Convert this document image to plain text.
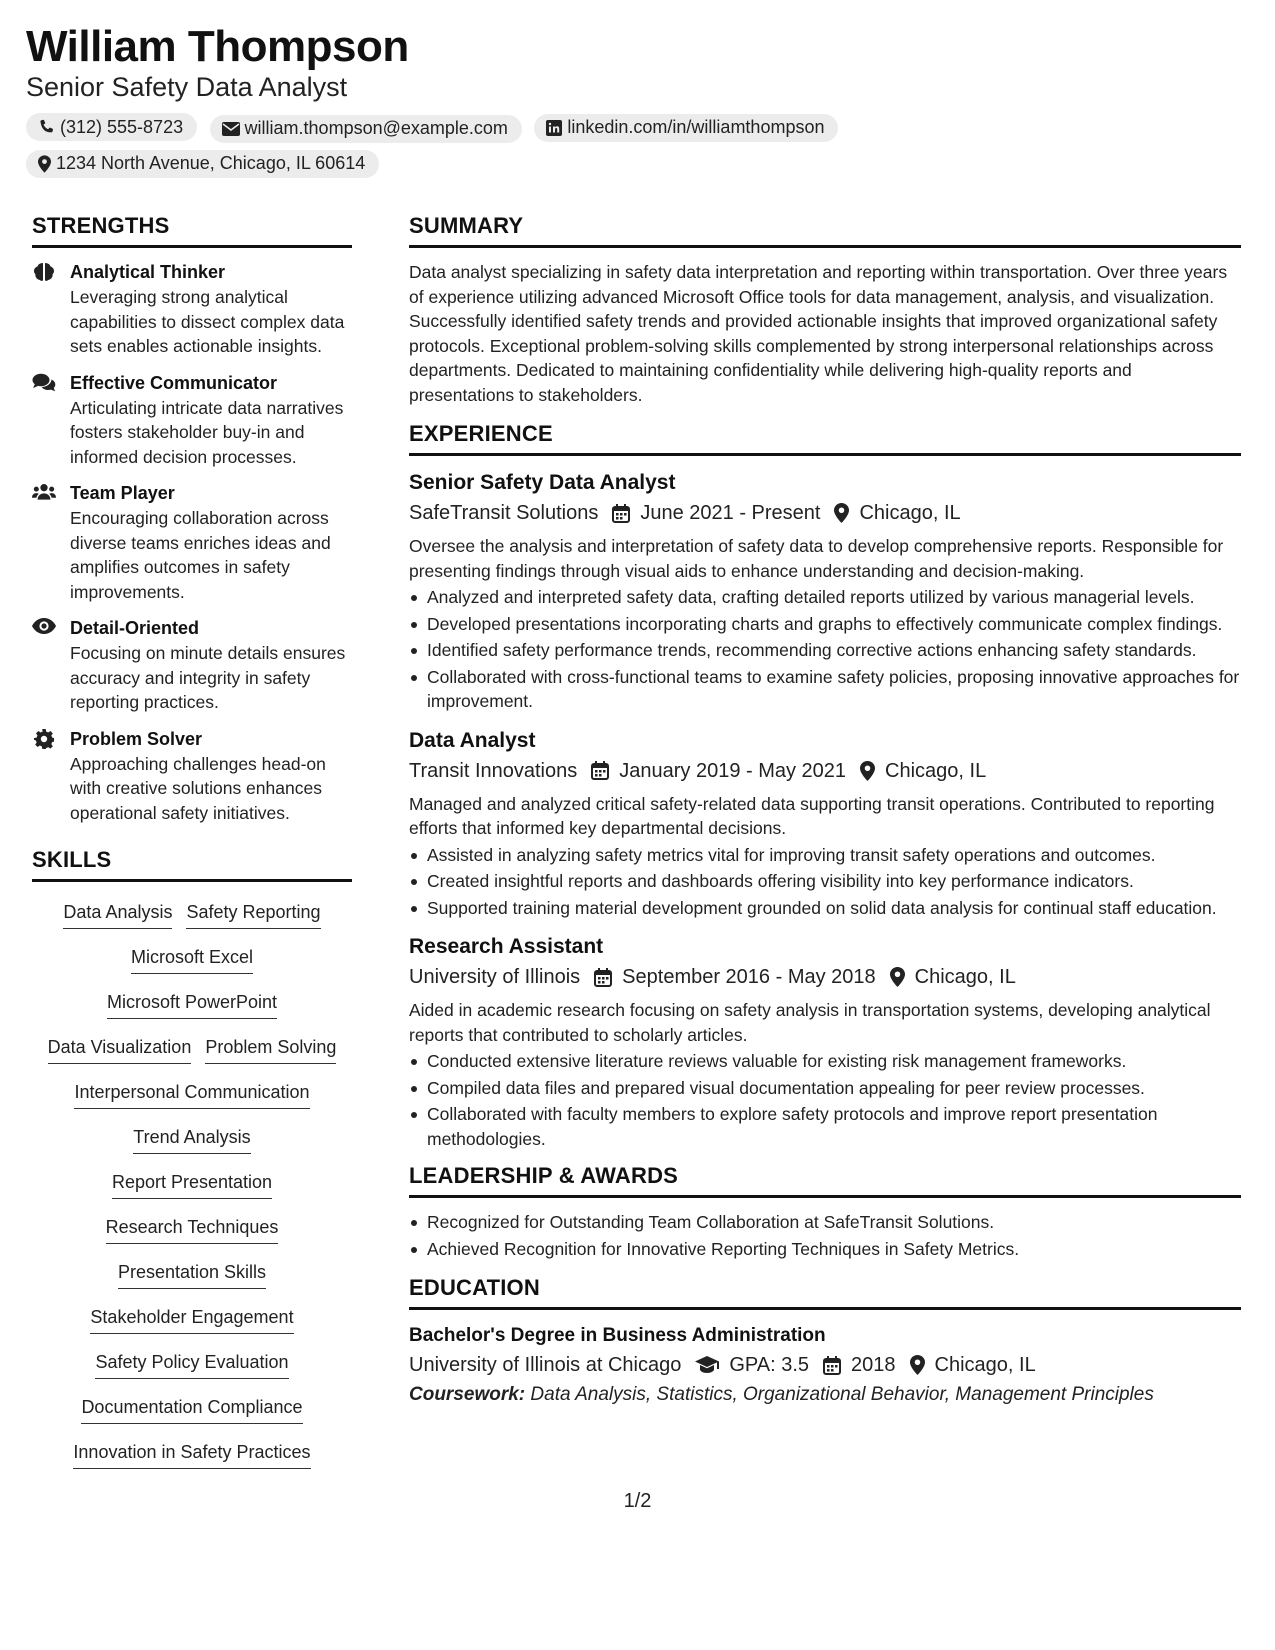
William Thompson
Senior Safety Data Analyst
(312) 555-8723
	william.thompson@example.com
	linkedin.com/in/williamthompson

1234 North Avenue, Chicago, IL 60614
STRENGTHS
Analytical Thinker
Leveraging strong analytical capabilities to dissect complex data sets enables actionable insights.
Effective Communicator
Articulating intricate data narratives fosters stakeholder buy-in and informed decision processes.
Team Player
Encouraging collaboration across diverse teams enriches ideas and amplifies outcomes in safety improvements.
Detail-Oriented
Focusing on minute details ensures accuracy and integrity in safety reporting practices.
Problem Solver
Approaching challenges head-on with creative solutions enhances operational safety initiatives.
SKILLS
Data Analysis Safety Reporting
Microsoft Excel
Microsoft PowerPoint
Data Visualization Problem Solving
Interpersonal Communication
Trend Analysis
Report Presentation
Research Techniques
Presentation Skills
Stakeholder Engagement
Safety Policy Evaluation
Documentation Compliance
Innovation in Safety Practices
SUMMARY
Data analyst specializing in safety data interpretation and reporting within transportation. Over three years of experience utilizing advanced Microsoft Office tools for data management, analysis, and visualization. Successfully identified safety trends and provided actionable insights that improved organizational safety protocols. Exceptional problem-solving skills complemented by strong interpersonal relationships across departments. Dedicated to maintaining confidentiality while delivering high-quality reports and presentations to stakeholders.
EXPERIENCE
Senior Safety Data Analyst
SafeTransit Solutions June 2021 - Present Chicago, IL
Oversee the analysis and interpretation of safety data to develop comprehensive reports. Responsible for presenting findings through visual aids to enhance understanding and decision-making.
Analyzed and interpreted safety data, crafting detailed reports utilized by various managerial levels.
Developed presentations incorporating charts and graphs to effectively communicate complex findings.
Identified safety performance trends, recommending corrective actions enhancing safety standards.
Collaborated with cross-functional teams to examine safety policies, proposing innovative approaches for improvement.
Data Analyst
Transit Innovations January 2019 - May 2021 Chicago, IL
Managed and analyzed critical safety-related data supporting transit operations. Contributed to reporting efforts that informed key departmental decisions.
Assisted in analyzing safety metrics vital for improving transit safety operations and outcomes.
Created insightful reports and dashboards offering visibility into key performance indicators.
Supported training material development grounded on solid data analysis for continual staff education.
Research Assistant
University of Illinois September 2016 - May 2018 Chicago, IL
Aided in academic research focusing on safety analysis in transportation systems, developing analytical reports that contributed to scholarly articles.
Conducted extensive literature reviews valuable for existing risk management frameworks.
Compiled data files and prepared visual documentation appealing for peer review processes.
Collaborated with faculty members to explore safety protocols and improve report presentation methodologies.
LEADERSHIP & AWARDS
Recognized for Outstanding Team Collaboration at SafeTransit Solutions.
Achieved Recognition for Innovative Reporting Techniques in Safety Metrics.
EDUCATION
Bachelor's Degree in Business Administration
University of Illinois at Chicago GPA: 3.5 2018 Chicago, IL
Coursework: Data Analysis, Statistics, Organizational Behavior, Management Principles
1/2
